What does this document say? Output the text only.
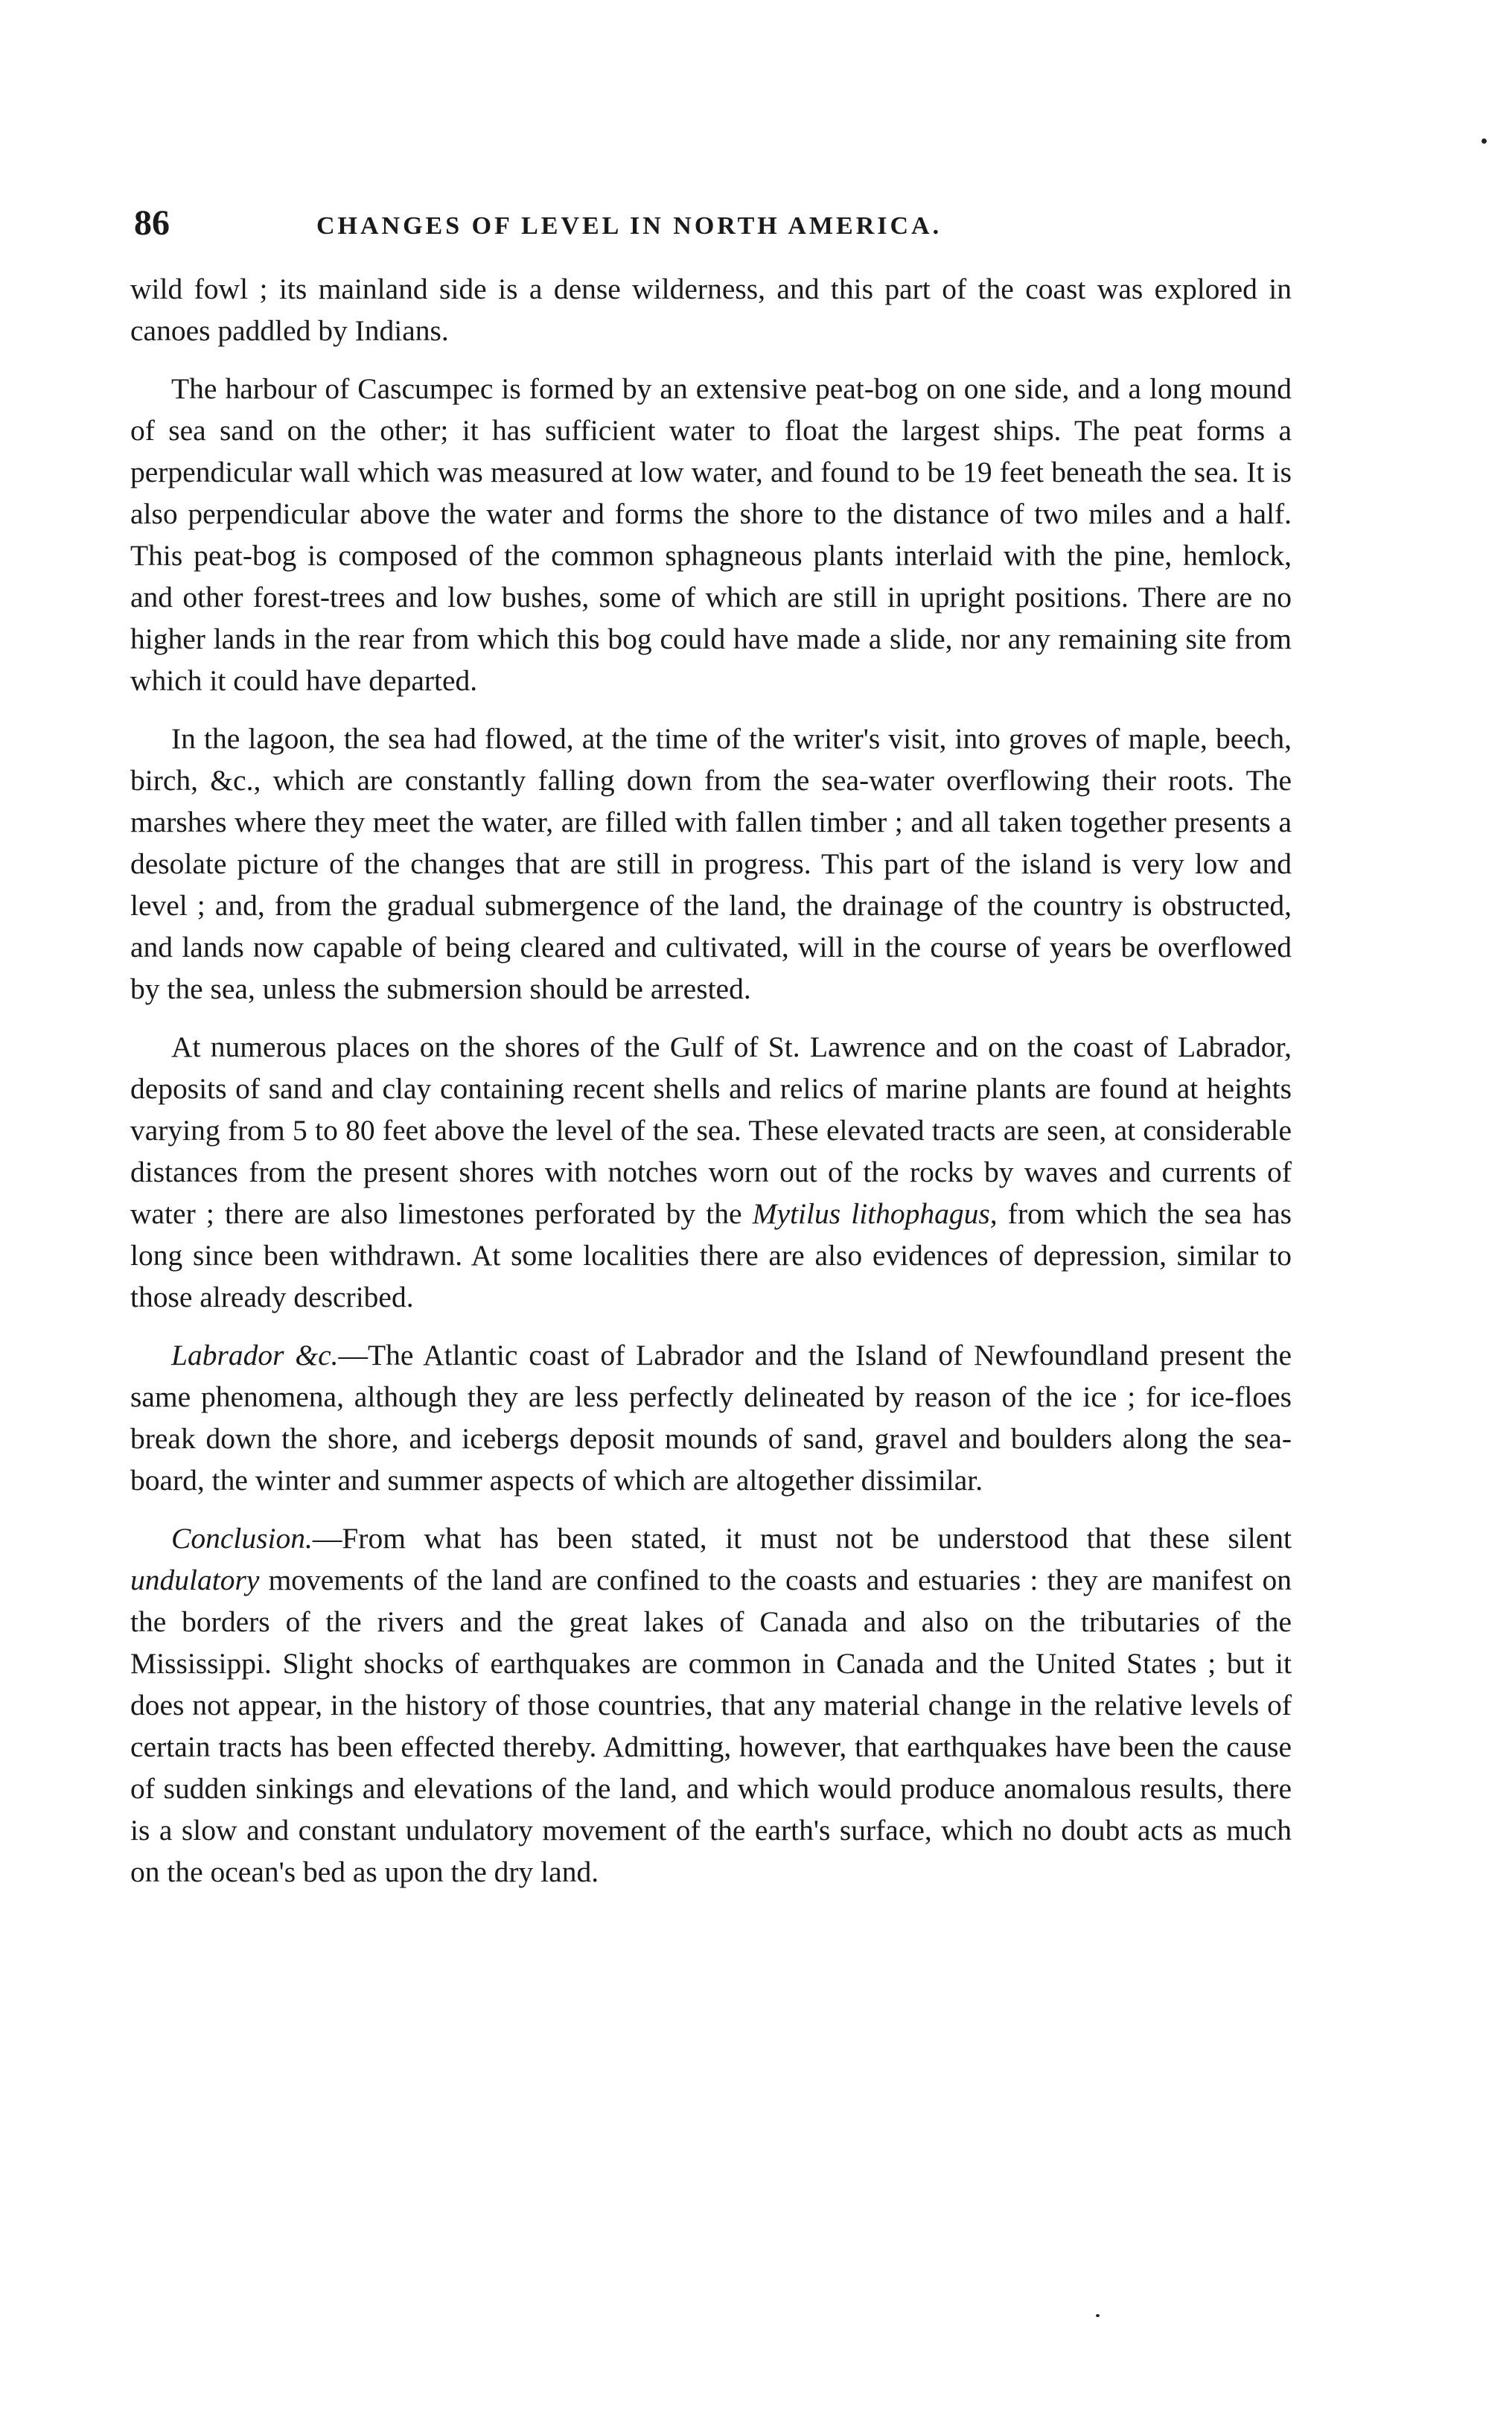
86	CHANGES OF LEVEL IN NORTH AMERICA.

wild fowl ; its mainland side is a dense wilderness, and this part of the coast was explored in canoes paddled by Indians.

The harbour of Cascumpec is formed by an extensive peat-bog on one side, and a long mound of sea sand on the other; it has sufficient water to float the largest ships. The peat forms a perpendicular wall which was measured at low water, and found to be 19 feet beneath the sea. It is also perpendicular above the water and forms the shore to the distance of two miles and a half. This peat-bog is composed of the common sphagneous plants interlaid with the pine, hemlock, and other forest-trees and low bushes, some of which are still in upright positions. There are no higher lands in the rear from which this bog could have made a slide, nor any remaining site from which it could have departed.

In the lagoon, the sea had flowed, at the time of the writer's visit, into groves of maple, beech, birch, &c., which are constantly falling down from the sea-water overflowing their roots. The marshes where they meet the water, are filled with fallen timber ; and all taken together presents a desolate picture of the changes that are still in progress. This part of the island is very low and level ; and, from the gradual submergence of the land, the drainage of the country is obstructed, and lands now capable of being cleared and cultivated, will in the course of years be overflowed by the sea, unless the submersion should be arrested.

At numerous places on the shores of the Gulf of St. Lawrence and on the coast of Labrador, deposits of sand and clay containing recent shells and relics of marine plants are found at heights varying from 5 to 80 feet above the level of the sea. These elevated tracts are seen, at considerable distances from the present shores with notches worn out of the rocks by waves and currents of water ; there are also limestones perforated by the Mytilus lithophagus, from which the sea has long since been withdrawn. At some localities there are also evidences of depression, similar to those already described.

Labrador &c.—The Atlantic coast of Labrador and the Island of Newfoundland present the same phenomena, although they are less perfectly delineated by reason of the ice ; for ice-floes break down the shore, and icebergs deposit mounds of sand, gravel and boulders along the sea-board, the winter and summer aspects of which are altogether dissimilar.

Conclusion.—From what has been stated, it must not be understood that these silent undulatory movements of the land are confined to the coasts and estuaries : they are manifest on the borders of the rivers and the great lakes of Canada and also on the tributaries of the Mississippi. Slight shocks of earthquakes are common in Canada and the United States ; but it does not appear, in the history of those countries, that any material change in the relative levels of certain tracts has been effected thereby. Admitting, however, that earthquakes have been the cause of sudden sinkings and elevations of the land, and which would produce anomalous results, there is a slow and constant undulatory movement of the earth's surface, which no doubt acts as much on the ocean's bed as upon the dry land.
